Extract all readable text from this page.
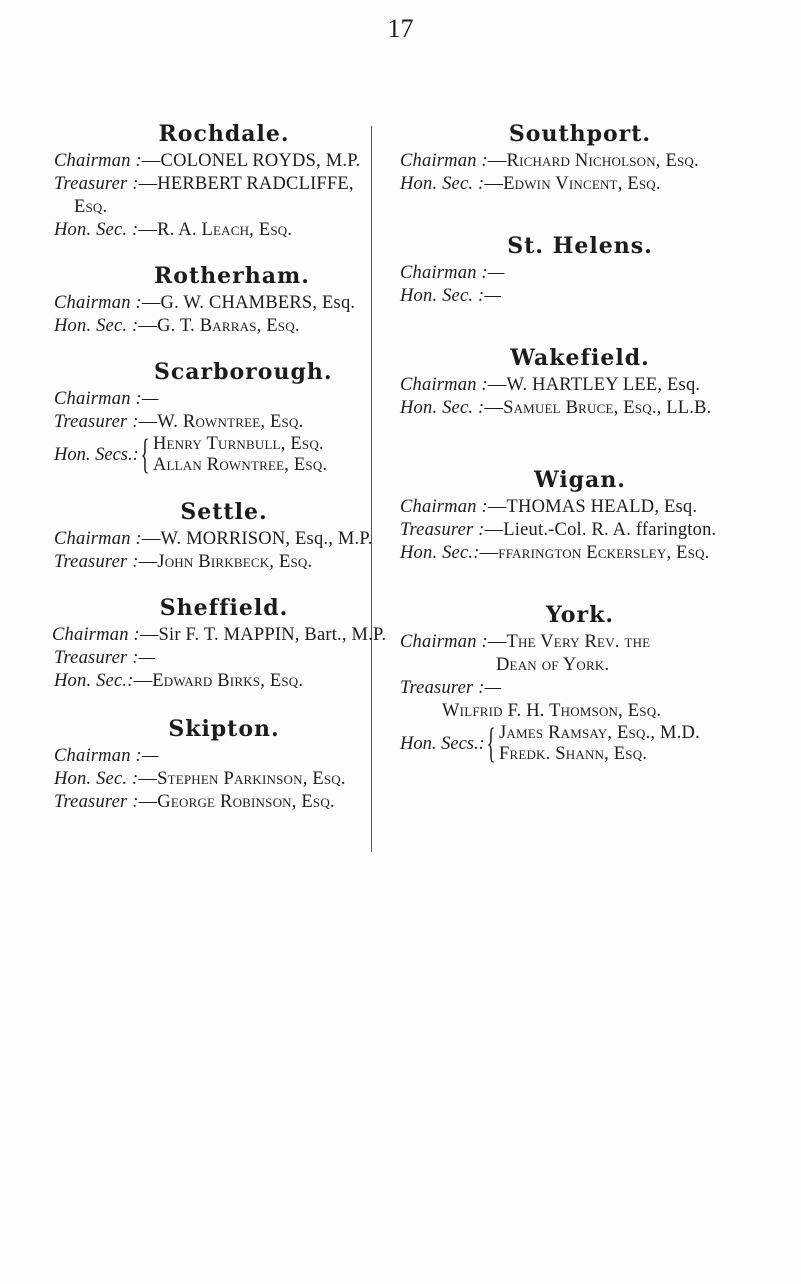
17
Rochdale.
Chairman :—COLONEL ROYDS, M.P.
Treasurer :—HERBERT RADCLIFFE,
Esq.
Hon. Sec. :—R. A. Leach, Esq.
Rotherham.
Chairman :—G. W. CHAMBERS, Esq.
Hon. Sec. :—G. T. Barras, Esq.
Scarborough.
Chairman :—
Treasurer :—W. Rowntree, Esq.
Hon. Secs.: { Henry Turnbull, Esq.
Allan Rowntree, Esq.
Settle.
Chairman :—W. MORRISON, Esq., M.P.
Treasurer :—John Birkbeck, Esq.
Sheffield.
Chairman :—Sir F. T. MAPPIN, Bart., M.P.
Treasurer :—
Hon. Sec.:—Edward Birks, Esq.
Skipton.
Chairman :—
Hon. Sec. :—Stephen Parkinson, Esq.
Treasurer :—George Robinson, Esq.
Southport.
Chairman :—Richard Nicholson, Esq.
Hon. Sec. :—Edwin Vincent, Esq.
St. Helens.
Chairman :—
Hon. Sec. :—
Wakefield.
Chairman :—W. HARTLEY LEE, Esq.
Hon. Sec. :—Samuel Bruce, Esq., LL.B.
Wigan.
Chairman :—THOMAS HEALD, Esq.
Treasurer :—Lieut.-Col. R. A. ffarington.
Hon. Sec.:—ffarington Eckersley, Esq.
York.
Chairman :—The Very Rev. the
Dean of York.
Treasurer :—
Wilfrid F. H. Thomson, Esq.
Hon. Secs.: { James Ramsay, Esq., M.D.
Fredk. Shann, Esq.
